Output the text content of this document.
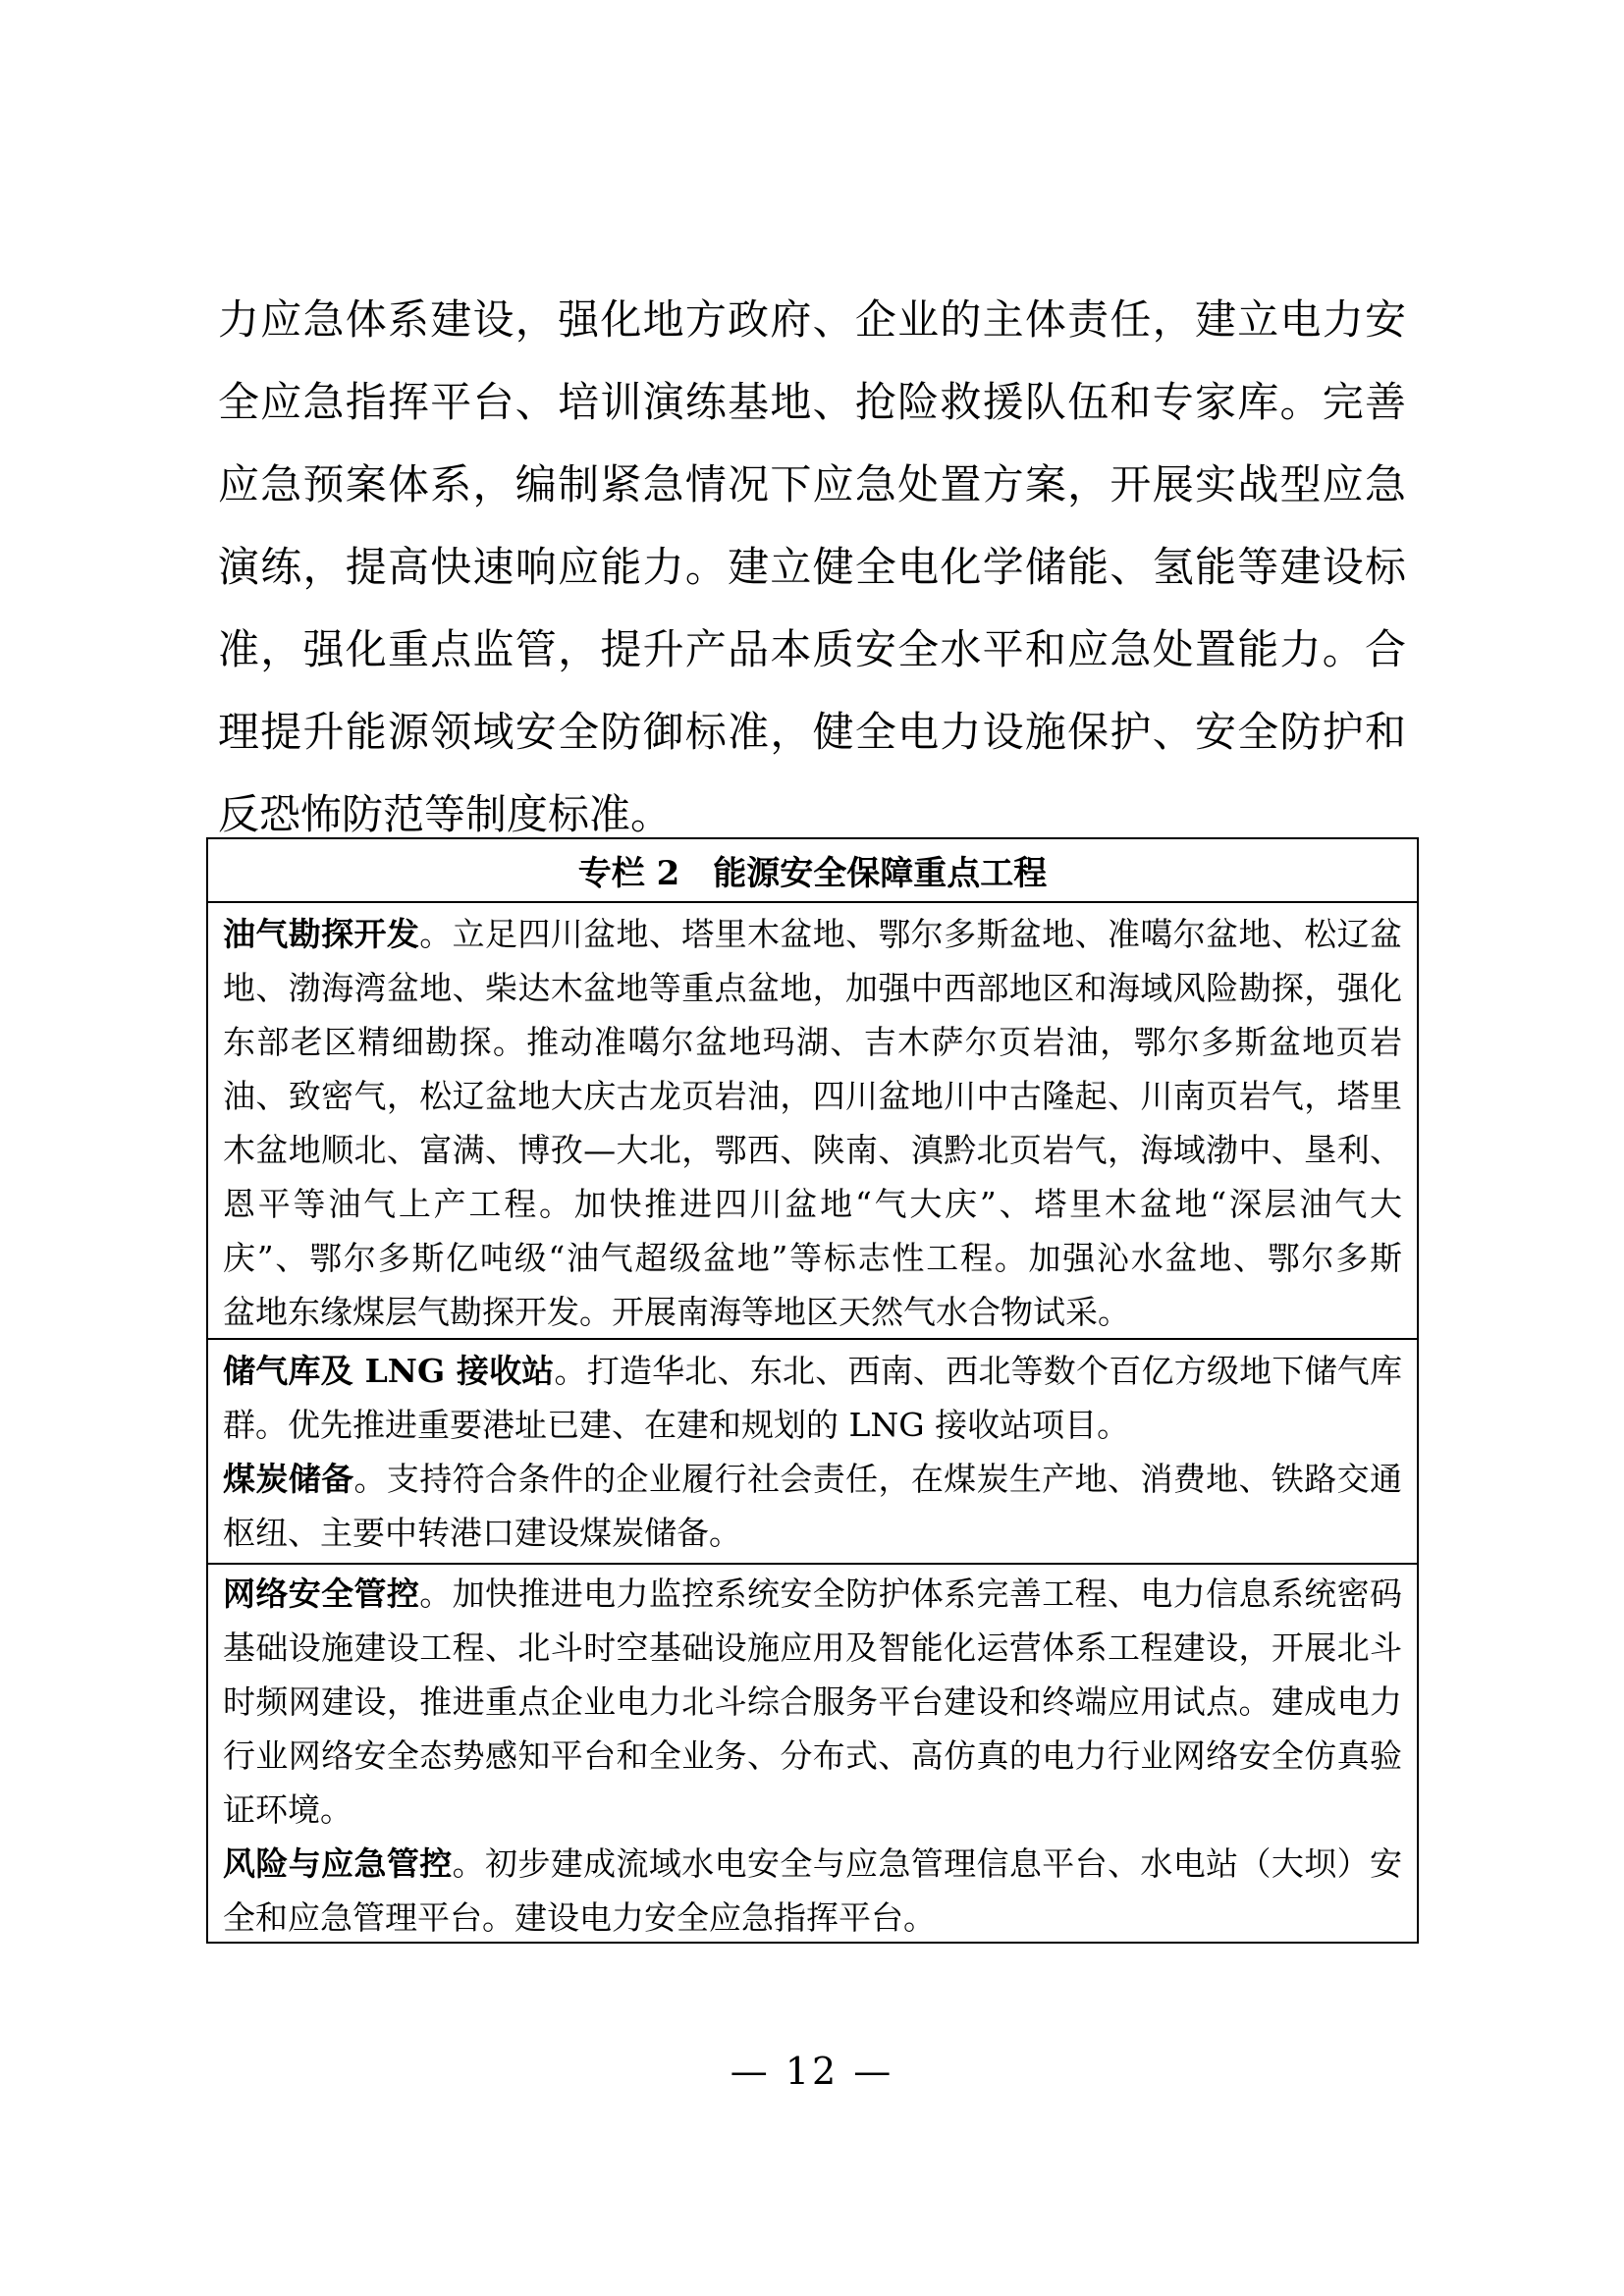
力应急体系建设，强化地方政府、企业的主体责任，建立电力安
全应急指挥平台、培训演练基地、抢险救援队伍和专家库。完善
应急预案体系，编制紧急情况下应急处置方案，开展实战型应急
演练，提高快速响应能力。建立健全电化学储能、氢能等建设标
准，强化重点监管，提升产品本质安全水平和应急处置能力。合
理提升能源领域安全防御标准，健全电力设施保护、安全防护和
反恐怖防范等制度标准。
专栏 2　能源安全保障重点工程
油气勘探开发。立足四川盆地、塔里木盆地、鄂尔多斯盆地、准噶尔盆地、松辽盆
地、渤海湾盆地、柴达木盆地等重点盆地，加强中西部地区和海域风险勘探，强化
东部老区精细勘探。推动准噶尔盆地玛湖、吉木萨尔页岩油，鄂尔多斯盆地页岩
油、致密气，松辽盆地大庆古龙页岩油，四川盆地川中古隆起、川南页岩气，塔里
木盆地顺北、富满、博孜—大北，鄂西、陕南、滇黔北页岩气，海域渤中、垦利、
恩平等油气上产工程。加快推进四川盆地“气大庆”、塔里木盆地“深层油气大
庆”、鄂尔多斯亿吨级“油气超级盆地”等标志性工程。加强沁水盆地、鄂尔多斯
盆地东缘煤层气勘探开发。开展南海等地区天然气水合物试采。
储气库及 LNG 接收站。打造华北、东北、西南、西北等数个百亿方级地下储气库
群。优先推进重要港址已建、在建和规划的 LNG 接收站项目。
煤炭储备。支持符合条件的企业履行社会责任，在煤炭生产地、消费地、铁路交通
枢纽、主要中转港口建设煤炭储备。
网络安全管控。加快推进电力监控系统安全防护体系完善工程、电力信息系统密码
基础设施建设工程、北斗时空基础设施应用及智能化运营体系工程建设，开展北斗
时频网建设，推进重点企业电力北斗综合服务平台建设和终端应用试点。建成电力
行业网络安全态势感知平台和全业务、分布式、高仿真的电力行业网络安全仿真验
证环境。
风险与应急管控。初步建成流域水电安全与应急管理信息平台、水电站（大坝）安
全和应急管理平台。建设电力安全应急指挥平台。
— 12 —
